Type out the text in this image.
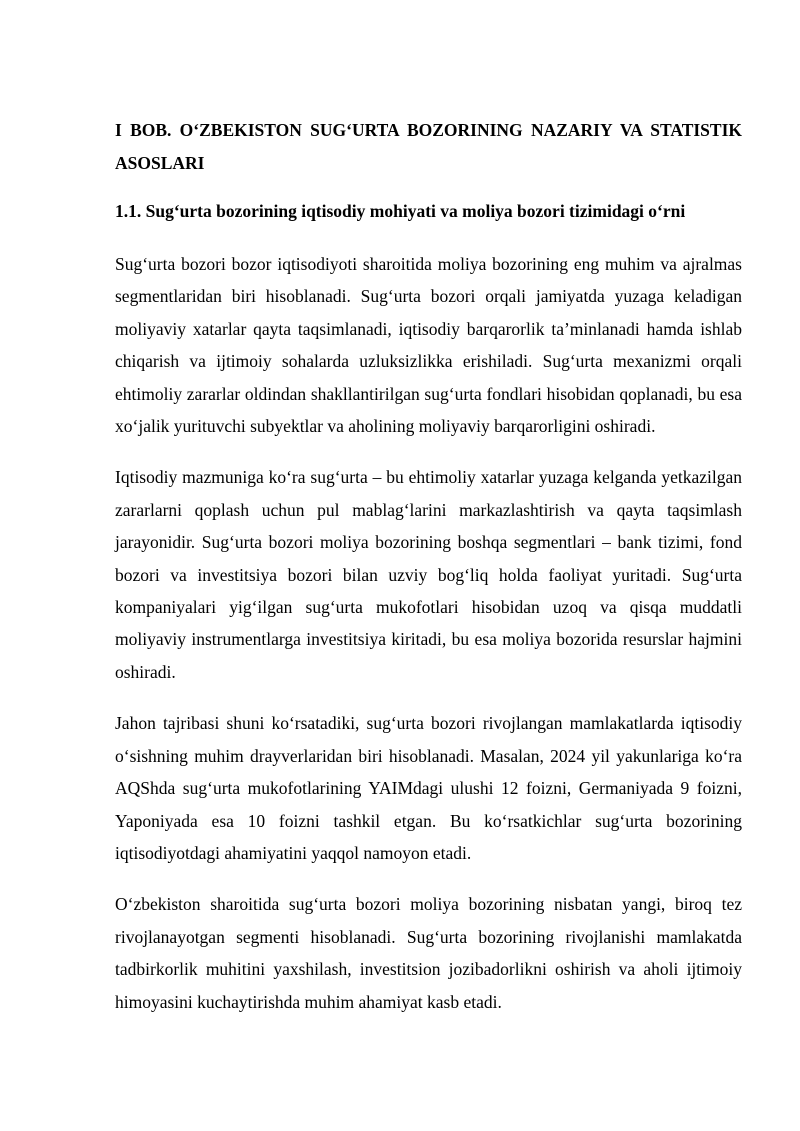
I BOB. O‘ZBEKISTON SUG‘URTA BOZORINING NAZARIY VA STATISTIK ASOSLARI

1.1. Sug‘urta bozorining iqtisodiy mohiyati va moliya bozori tizimidagi o‘rni

Sug‘urta bozori bozor iqtisodiyoti sharoitida moliya bozorining eng muhim va ajralmas segmentlaridan biri hisoblanadi. Sug‘urta bozori orqali jamiyatda yuzaga keladigan moliyaviy xatarlar qayta taqsimlanadi, iqtisodiy barqarorlik ta’minlanadi hamda ishlab chiqarish va ijtimoiy sohalarda uzluksizlikka erishiladi. Sug‘urta mexanizmi orqali ehtimoliy zararlar oldindan shakllantirilgan sug‘urta fondlari hisobidan qoplanadi, bu esa xo‘jalik yurituvchi subyektlar va aholining moliyaviy barqarorligini oshiradi.

Iqtisodiy mazmuniga ko‘ra sug‘urta – bu ehtimoliy xatarlar yuzaga kelganda yetkazilgan zararlarni qoplash uchun pul mablag‘larini markazlashtirish va qayta taqsimlash jarayonidir. Sug‘urta bozori moliya bozorining boshqa segmentlari – bank tizimi, fond bozori va investitsiya bozori bilan uzviy bog‘liq holda faoliyat yuritadi. Sug‘urta kompaniyalari yig‘ilgan sug‘urta mukofotlari hisobidan uzoq va qisqa muddatli moliyaviy instrumentlarga investitsiya kiritadi, bu esa moliya bozorida resurslar hajmini oshiradi.

Jahon tajribasi shuni ko‘rsatadiki, sug‘urta bozori rivojlangan mamlakatlarda iqtisodiy o‘sishning muhim drayverlaridan biri hisoblanadi. Masalan, 2024 yil yakunlariga ko‘ra AQShda sug‘urta mukofotlarining YAIMdagi ulushi 12 foizni, Germaniyada 9 foizni, Yaponiyada esa 10 foizni tashkil etgan. Bu ko‘rsatkichlar sug‘urta bozorining iqtisodiyotdagi ahamiyatini yaqqol namoyon etadi.

O‘zbekiston sharoitida sug‘urta bozori moliya bozorining nisbatan yangi, biroq tez rivojlanayotgan segmenti hisoblanadi. Sug‘urta bozorining rivojlanishi mamlakatda tadbirkorlik muhitini yaxshilash, investitsion jozibadorlikni oshirish va aholi ijtimoiy himoyasini kuchaytirishda muhim ahamiyat kasb etadi.
